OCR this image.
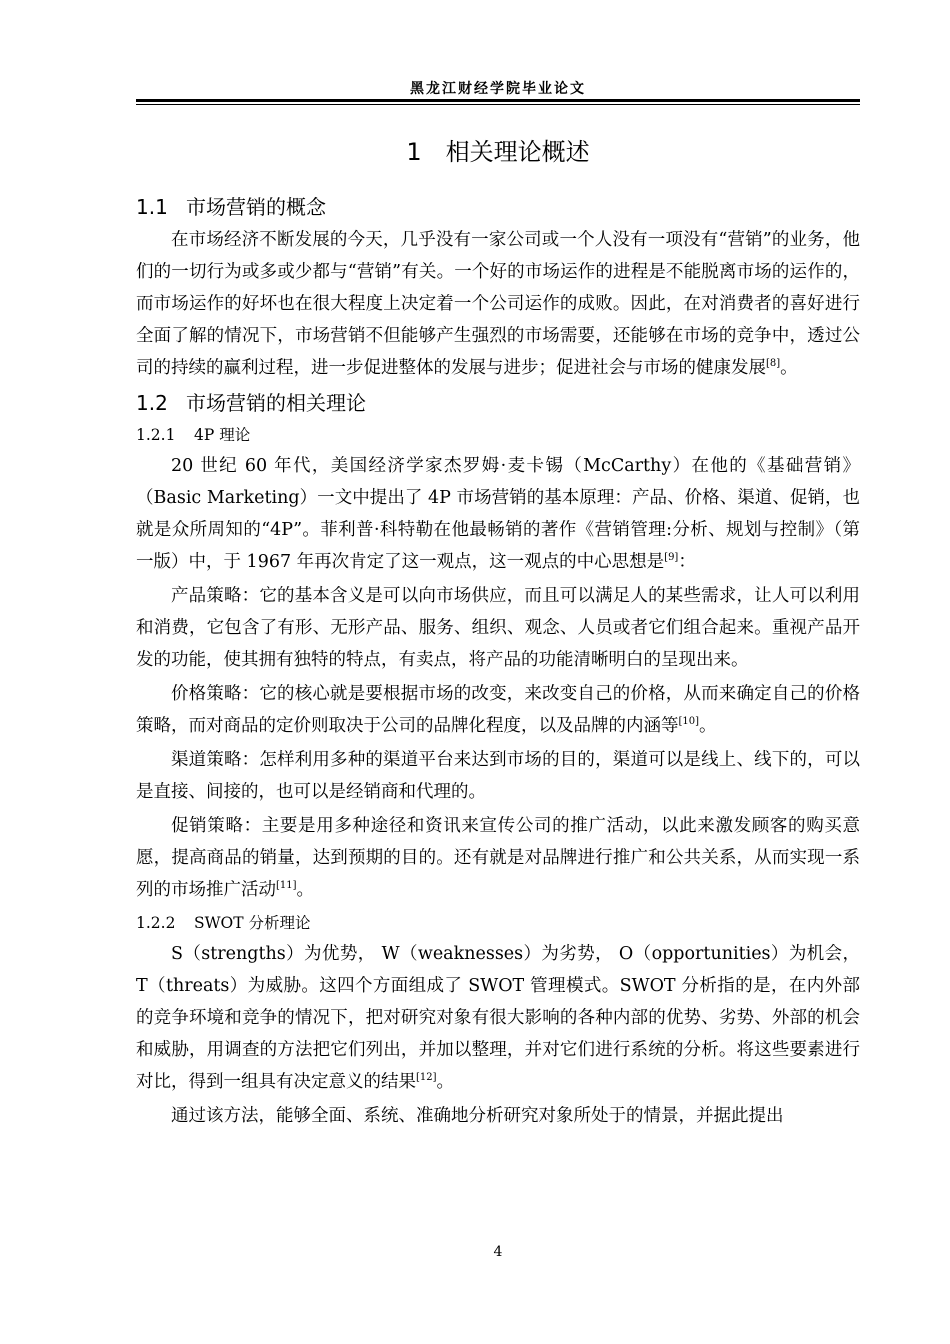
黑龙江财经学院毕业论文
1 相关理论概述
1.1 市场营销的概念

在市场经济不断发展的今天，几乎没有一家公司或一个人没有一项没有“营销”的业务，他们的一切行为或多或少都与“营销”有关。一个好的市场运作的进程是不能脱离市场的运作的，而市场运作的好坏也在很大程度上决定着一个公司运作的成败。因此，在对消费者的喜好进行全面了解的情况下，市场营销不但能够产生强烈的市场需要，还能够在市场的竞争中，透过公司的持续的赢利过程，进一步促进整体的发展与进步；促进社会与市场的健康发展[8]。

1.2 市场营销的相关理论
1.2.1 4P 理论

20 世纪 60 年代，美国经济学家杰罗姆·麦卡锡（McCarthy）在他的《基础营销》（Basic Marketing）一文中提出了 4P 市场营销的基本原理：产品、价格、渠道、促销，也就是众所周知的“4P”。菲利普·科特勒在他最畅销的著作《营销管理:分析、规划与控制》（第一版）中，于 1967 年再次肯定了这一观点，这一观点的中心思想是[9]：

产品策略：它的基本含义是可以向市场供应，而且可以满足人的某些需求，让人可以利用和消费，它包含了有形、无形产品、服务、组织、观念、人员或者它们组合起来。重视产品开发的功能，使其拥有独特的特点，有卖点，将产品的功能清晰明白的呈现出来。

价格策略：它的核心就是要根据市场的改变，来改变自己的价格，从而来确定自己的价格策略，而对商品的定价则取决于公司的品牌化程度，以及品牌的内涵等[10]。

渠道策略：怎样利用多种的渠道平台来达到市场的目的，渠道可以是线上、线下的，可以是直接、间接的，也可以是经销商和代理的。

促销策略：主要是用多种途径和资讯来宣传公司的推广活动，以此来激发顾客的购买意愿，提高商品的销量，达到预期的目的。还有就是对品牌进行推广和公共关系，从而实现一系列的市场推广活动[11]。

1.2.2 SWOT 分析理论

S（strengths）为优势， W（weaknesses）为劣势， O（opportunities）为机会， T（threats）为威胁。这四个方面组成了 SWOT 管理模式。SWOT 分析指的是，在内外部的竞争环境和竞争的情况下，把对研究对象有很大影响的各种内部的优势、劣势、外部的机会和威胁，用调查的方法把它们列出，并加以整理，并对它们进行系统的分析。将这些要素进行对比，得到一组具有决定意义的结果[12]。

通过该方法，能够全面、系统、准确地分析研究对象所处于的情景，并据此提出

4
